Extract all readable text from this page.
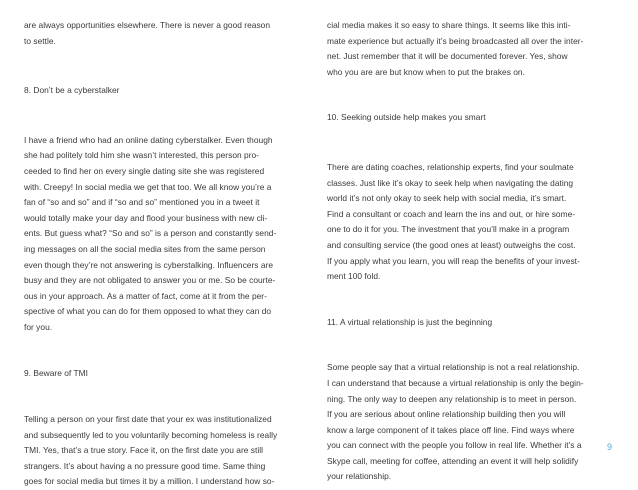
are always opportunities elsewhere. There is never a good reason
to settle.

8. Don’t be a cyberstalker

I have a friend who had an online dating cyberstalker. Even though
she had politely told him she wasn’t interested, this person pro-
ceeded to find her on every single dating site she was registered
with. Creepy! In social media we get that too. We all know you’re a
fan of “so and so” and if “so and so” mentioned you in a tweet it
would totally make your day and flood your business with new cli-
ents. But guess what? “So and so” is a person and constantly send-
ing messages on all the social media sites from the same person
even though they’re not answering is cyberstalking. Influencers are
busy and they are not obligated to answer you or me. So be courte-
ous in your approach. As a matter of fact, come at it from the per-
spective of what you can do for them opposed to what they can do
for you.

9. Beware of TMI

Telling a person on your first date that your ex was institutionalized
and subsequently led to you voluntarily becoming homeless is really
TMI. Yes, that’s a true story. Face it, on the first date you are still
strangers. It’s about having a no pressure good time. Same thing
goes for social media but times it by a million. I understand how so-

cial media makes it so easy to share things. It seems like this inti-
mate experience but actually it’s being broadcasted all over the inter-
net. Just remember that it will be documented forever. Yes, show
who you are are but know when to put the brakes on.

10. Seeking outside help makes you smart

There are dating coaches, relationship experts, find your soulmate
classes. Just like it’s okay to seek help when navigating the dating
world it’s not only okay to seek help with social media, it’s smart.
Find a consultant or coach and learn the ins and out, or hire some-
one to do it for you. The investment that you’ll make in a program
and consulting service (the good ones at least) outweighs the cost.
If you apply what you learn, you will reap the benefits of your invest-
ment 100 fold.

11. A virtual relationship is just the beginning

Some people say that a virtual relationship is not a real relationship.
I can understand that because a virtual relationship is only the begin-
ning. The only way to deepen any relationship is to meet in person.
If you are serious about online relationship building then you will
know a large component of it takes place off line. Find ways where
you can connect with the people you follow in real life. Whether it’s a
Skype call, meeting for coffee, attending an event it will help solidify
your relationship.

9
